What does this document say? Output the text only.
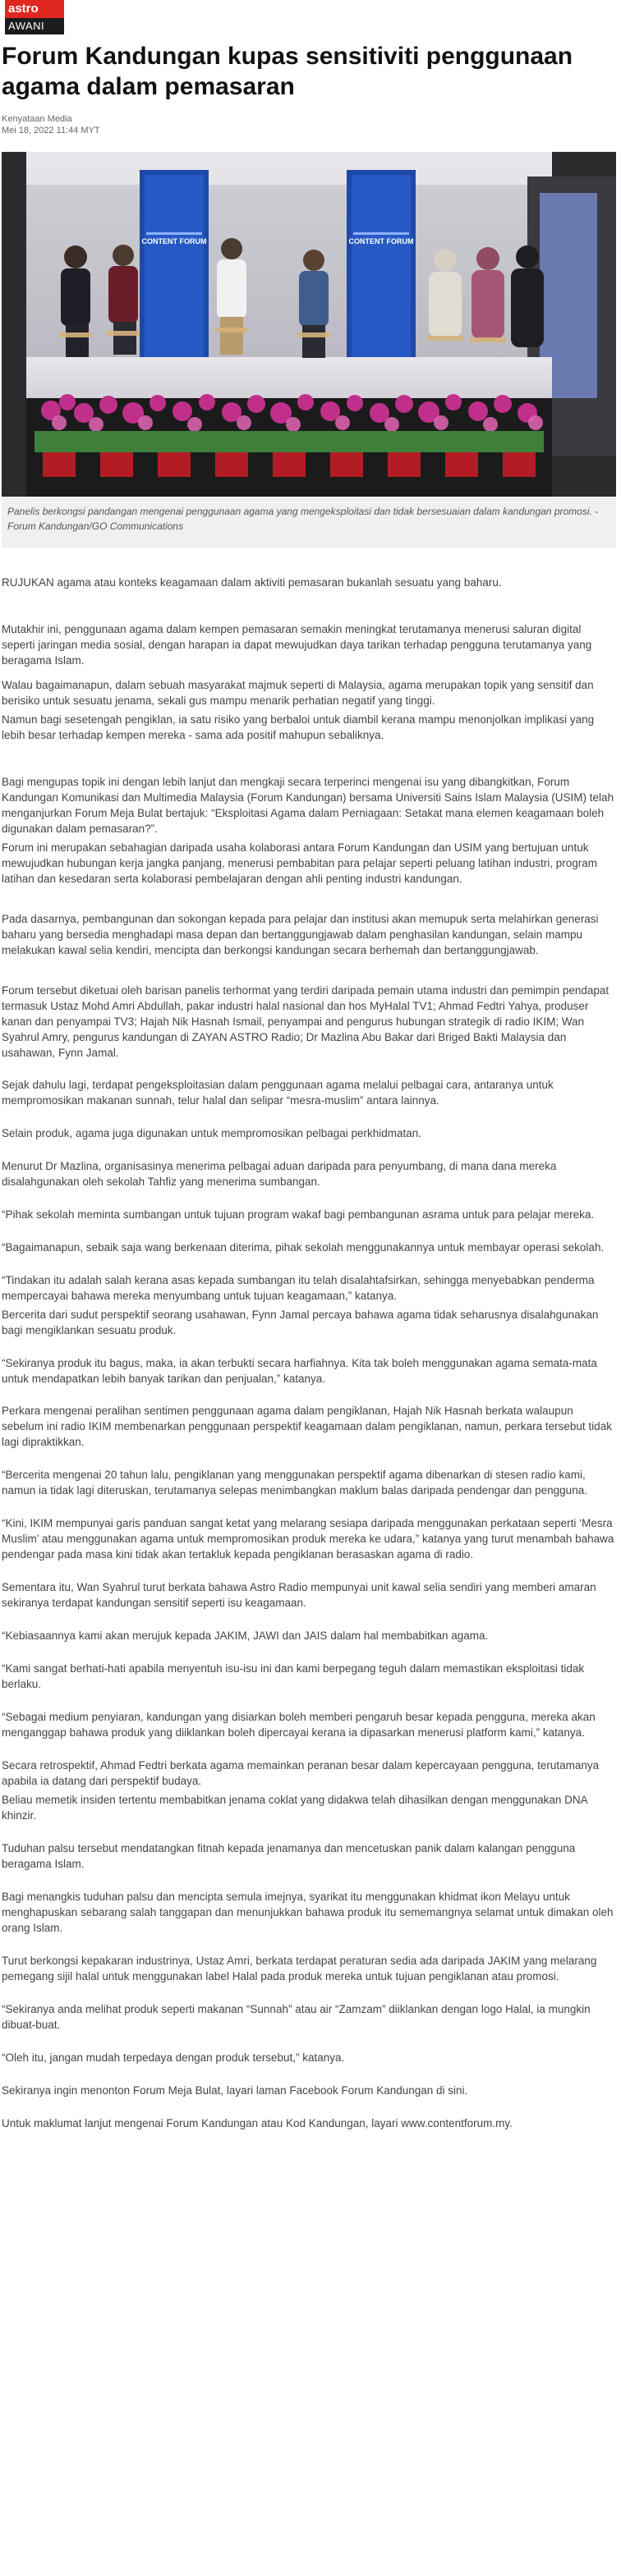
astro
AWANI
Forum Kandungan kupas sensitiviti penggunaan agama dalam pemasaran
Kenyataan Media
Mei 18, 2022 11:44 MYT
CONTENT FORUM	CONTENT FORUM
Panelis berkongsi pandangan mengenai penggunaan agama yang mengeksploitasi dan tidak bersesuaian dalam kandungan promosi. -Forum Kandungan/GO Communications

RUJUKAN agama atau konteks keagamaan dalam aktiviti pemasaran bukanlah sesuatu yang baharu.

Mutakhir ini, penggunaan agama dalam kempen pemasaran semakin meningkat terutamanya menerusi saluran digital seperti jaringan media sosial, dengan harapan ia dapat mewujudkan daya tarikan terhadap pengguna terutamanya yang beragama Islam.

Walau bagaimanapun, dalam sebuah masyarakat majmuk seperti di Malaysia, agama merupakan topik yang sensitif dan berisiko untuk sesuatu jenama, sekali gus mampu menarik perhatian negatif yang tinggi.

Namun bagi sesetengah pengiklan, ia satu risiko yang berbaloi untuk diambil kerana mampu menonjolkan implikasi yang lebih besar terhadap kempen mereka - sama ada positif mahupun sebaliknya.

Bagi mengupas topik ini dengan lebih lanjut dan mengkaji secara terperinci mengenai isu yang dibangkitkan, Forum Kandungan Komunikasi dan Multimedia Malaysia (Forum Kandungan) bersama Universiti Sains Islam Malaysia (USIM) telah menganjurkan Forum Meja Bulat bertajuk: “Eksploitasi Agama dalam Perniagaan: Setakat mana elemen keagamaan boleh digunakan dalam pemasaran?”.

Forum ini merupakan sebahagian daripada usaha kolaborasi antara Forum Kandungan dan USIM yang bertujuan untuk mewujudkan hubungan kerja jangka panjang, menerusi pembabitan para pelajar seperti peluang latihan industri, program latihan dan kesedaran serta kolaborasi pembelajaran dengan ahli penting industri kandungan.

Pada dasarnya, pembangunan dan sokongan kepada para pelajar dan institusi akan memupuk serta melahirkan generasi baharu yang bersedia menghadapi masa depan dan bertanggungjawab dalam penghasilan kandungan, selain mampu melakukan kawal selia kendiri, mencipta dan berkongsi kandungan secara berhemah dan bertanggungjawab.

Forum tersebut diketuai oleh barisan panelis terhormat yang terdiri daripada pemain utama industri dan pemimpin pendapat termasuk Ustaz Mohd Amri Abdullah, pakar industri halal nasional dan hos MyHalal TV1; Ahmad Fedtri Yahya, produser kanan dan penyampai TV3; Hajah Nik Hasnah Ismail, penyampai and pengurus hubungan strategik di radio IKIM; Wan Syahrul Amry, pengurus kandungan di ZAYAN ASTRO Radio; Dr Mazlina Abu Bakar dari Briged Bakti Malaysia dan usahawan, Fynn Jamal.

Sejak dahulu lagi, terdapat pengeksploitasian dalam penggunaan agama melalui pelbagai cara, antaranya untuk mempromosikan makanan sunnah, telur halal dan selipar “mesra-muslim” antara lainnya.

Selain produk, agama juga digunakan untuk mempromosikan pelbagai perkhidmatan.

Menurut Dr Mazlina, organisasinya menerima pelbagai aduan daripada para penyumbang, di mana dana mereka disalahgunakan oleh sekolah Tahfiz yang menerima sumbangan.

“Pihak sekolah meminta sumbangan untuk tujuan program wakaf bagi pembangunan asrama untuk para pelajar mereka.

“Bagaimanapun, sebaik saja wang berkenaan diterima, pihak sekolah menggunakannya untuk membayar operasi sekolah.

“Tindakan itu adalah salah kerana asas kepada sumbangan itu telah disalahtafsirkan, sehingga menyebabkan penderma mempercayai bahawa mereka menyumbang untuk tujuan keagamaan,” katanya.

Bercerita dari sudut perspektif seorang usahawan, Fynn Jamal percaya bahawa agama tidak seharusnya disalahgunakan bagi mengiklankan sesuatu produk.

“Sekiranya produk itu bagus, maka, ia akan terbukti secara harfiahnya. Kita tak boleh menggunakan agama semata-mata untuk mendapatkan lebih banyak tarikan dan penjualan,” katanya.

Perkara mengenai peralihan sentimen penggunaan agama dalam pengiklanan, Hajah Nik Hasnah berkata walaupun sebelum ini radio IKIM membenarkan penggunaan perspektif keagamaan dalam pengiklanan, namun, perkara tersebut tidak lagi dipraktikkan.

“Bercerita mengenai 20 tahun lalu, pengiklanan yang menggunakan perspektif agama dibenarkan di stesen radio kami, namun ia tidak lagi diteruskan, terutamanya selepas menimbangkan maklum balas daripada pendengar dan pengguna.

“Kini, IKIM mempunyai garis panduan sangat ketat yang melarang sesiapa daripada menggunakan perkataan seperti ‘Mesra Muslim’ atau menggunakan agama untuk mempromosikan produk mereka ke udara,” katanya yang turut menambah bahawa pendengar pada masa kini tidak akan tertakluk kepada pengiklanan berasaskan agama di radio.

Sementara itu, Wan Syahrul turut berkata bahawa Astro Radio mempunyai unit kawal selia sendiri yang memberi amaran sekiranya terdapat kandungan sensitif seperti isu keagamaan.

“Kebiasaannya kami akan merujuk kepada JAKIM, JAWI dan JAIS dalam hal membabitkan agama.

“Kami sangat berhati-hati apabila menyentuh isu-isu ini dan kami berpegang teguh dalam memastikan eksploitasi tidak berlaku.

“Sebagai medium penyiaran, kandungan yang disiarkan boleh memberi pengaruh besar kepada pengguna, mereka akan menganggap bahawa produk yang diiklankan boleh dipercayai kerana ia dipasarkan menerusi platform kami,” katanya.

Secara retrospektif, Ahmad Fedtri berkata agama memainkan peranan besar dalam kepercayaan pengguna, terutamanya apabila ia datang dari perspektif budaya.

Beliau memetik insiden tertentu membabitkan jenama coklat yang didakwa telah dihasilkan dengan menggunakan DNA khinzir.

Tuduhan palsu tersebut mendatangkan fitnah kepada jenamanya dan mencetuskan panik dalam kalangan pengguna beragama Islam.

Bagi menangkis tuduhan palsu dan mencipta semula imejnya, syarikat itu menggunakan khidmat ikon Melayu untuk menghapuskan sebarang salah tanggapan dan menunjukkan bahawa produk itu sememangnya selamat untuk dimakan oleh orang Islam.

Turut berkongsi kepakaran industrinya, Ustaz Amri, berkata terdapat peraturan sedia ada daripada JAKIM yang melarang pemegang sijil halal untuk menggunakan label Halal pada produk mereka untuk tujuan pengiklanan atau promosi.

“Sekiranya anda melihat produk seperti makanan “Sunnah” atau air “Zamzam” diiklankan dengan logo Halal, ia mungkin dibuat-buat.

“Oleh itu, jangan mudah terpedaya dengan produk tersebut,” katanya.

Sekiranya ingin menonton Forum Meja Bulat, layari laman Facebook Forum Kandungan di sini.

Untuk maklumat lanjut mengenai Forum Kandungan atau Kod Kandungan, layari www.contentforum.my.
